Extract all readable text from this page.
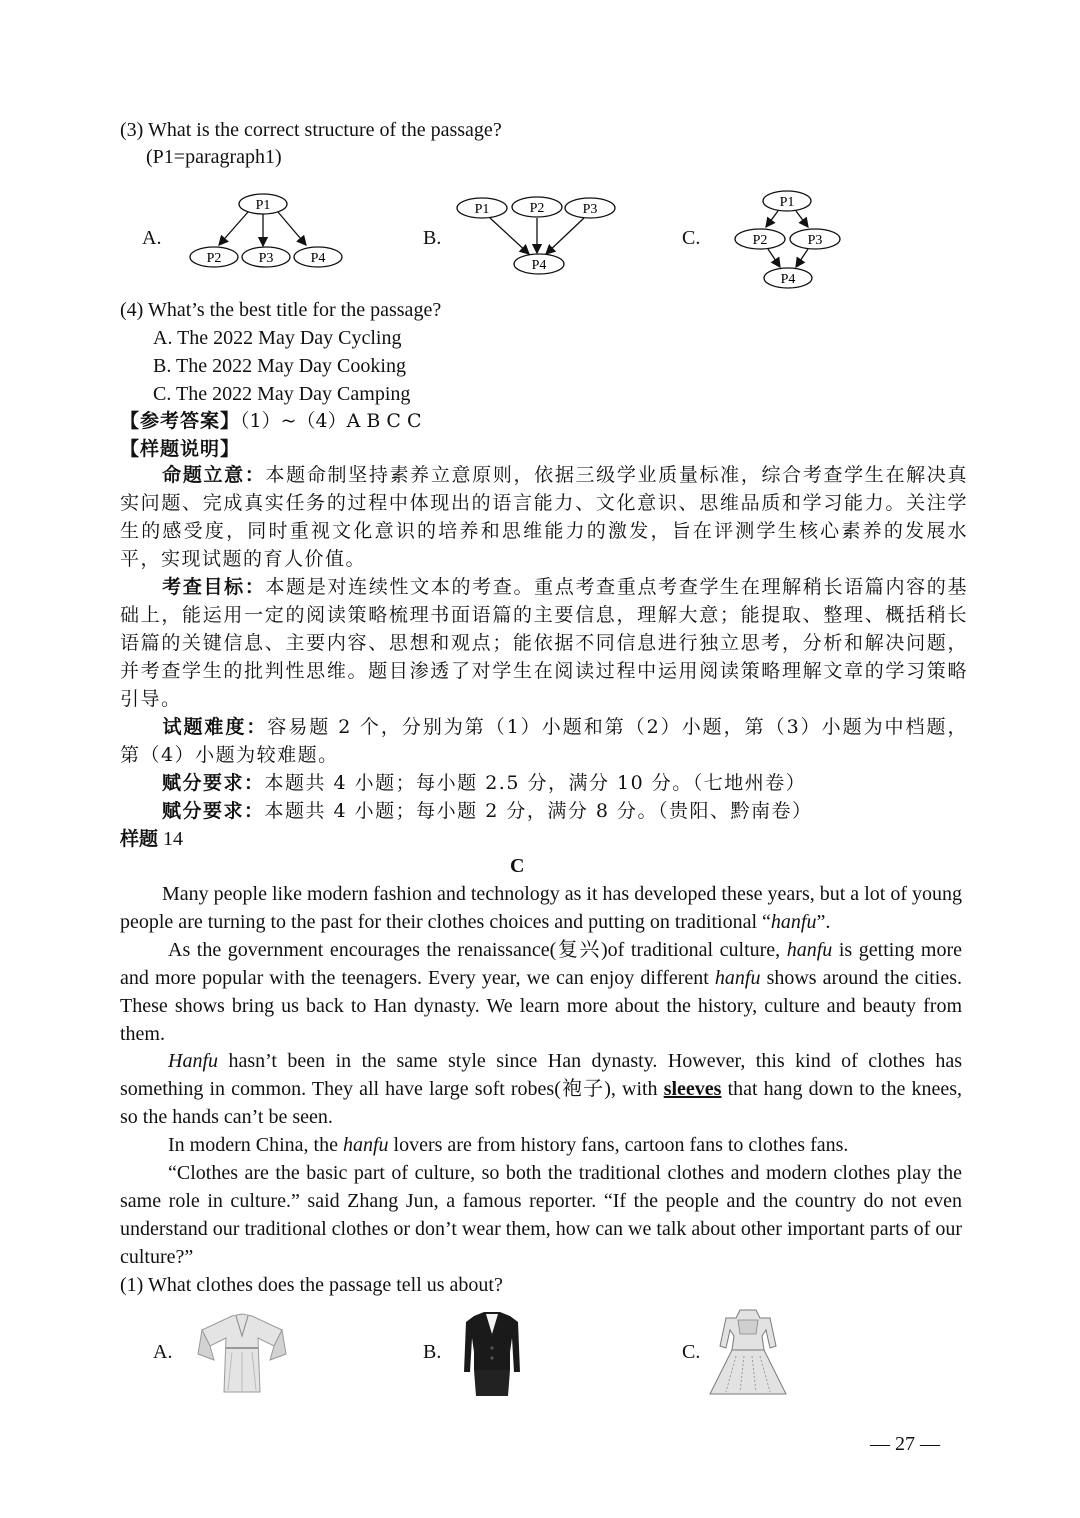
(3) What is the correct structure of the passage?
(P1=paragraph1)
A.
P1
P2	P3	P4
B.
P1	P2	P3
P4
C.
P1
P2	P3
P4
(4) What’s the best title for the passage?
A. The 2022 May Day Cycling
B. The 2022 May Day Cooking
C. The 2022 May Day Camping
【参考答案】（1）~（4）A B C C
【样题说明】
命题立意：本题命制坚持素养立意原则，依据三级学业质量标准，综合考查学生在解决真实问题、完成真实任务的过程中体现出的语言能力、文化意识、思维品质和学习能力。关注学生的感受度，同时重视文化意识的培养和思维能力的激发，旨在评测学生核心素养的发展水平，实现试题的育人价值。
考查目标：本题是对连续性文本的考查。重点考查重点考查学生在理解稍长语篇内容的基础上，能运用一定的阅读策略梳理书面语篇的主要信息，理解大意；能提取、整理、概括稍长语篇的关键信息、主要内容、思想和观点；能依据不同信息进行独立思考，分析和解决问题，并考查学生的批判性思维。题目渗透了对学生在阅读过程中运用阅读策略理解文章的学习策略引导。
试题难度：容易题 2 个，分别为第（1）小题和第（2）小题，第（3）小题为中档题，第（4）小题为较难题。
赋分要求：本题共 4 小题；每小题 2.5 分，满分 10 分。（七地州卷）
赋分要求：本题共 4 小题；每小题 2 分，满分 8 分。（贵阳、黔南卷）
样题 14
C
Many people like modern fashion and technology as it has developed these years, but a lot of young people are turning to the past for their clothes choices and putting on traditional “hanfu”.
As the government encourages the renaissance(复兴)of traditional culture, hanfu is getting more and more popular with the teenagers. Every year, we can enjoy different hanfu shows around the cities. These shows bring us back to Han dynasty. We learn more about the history, culture and beauty from them.
Hanfu hasn’t been in the same style since Han dynasty. However, this kind of clothes has something in common. They all have large soft robes(袍子), with sleeves that hang down to the knees, so the hands can’t be seen.
In modern China, the hanfu lovers are from history fans, cartoon fans to clothes fans.
“Clothes are the basic part of culture, so both the traditional clothes and modern clothes play the same role in culture.” said Zhang Jun, a famous reporter. “If the people and the country do not even understand our traditional clothes or don’t wear them, how can we talk about other important parts of our culture?”
(1) What clothes does the passage tell us about?
A.	B.	C.
— 27 —
